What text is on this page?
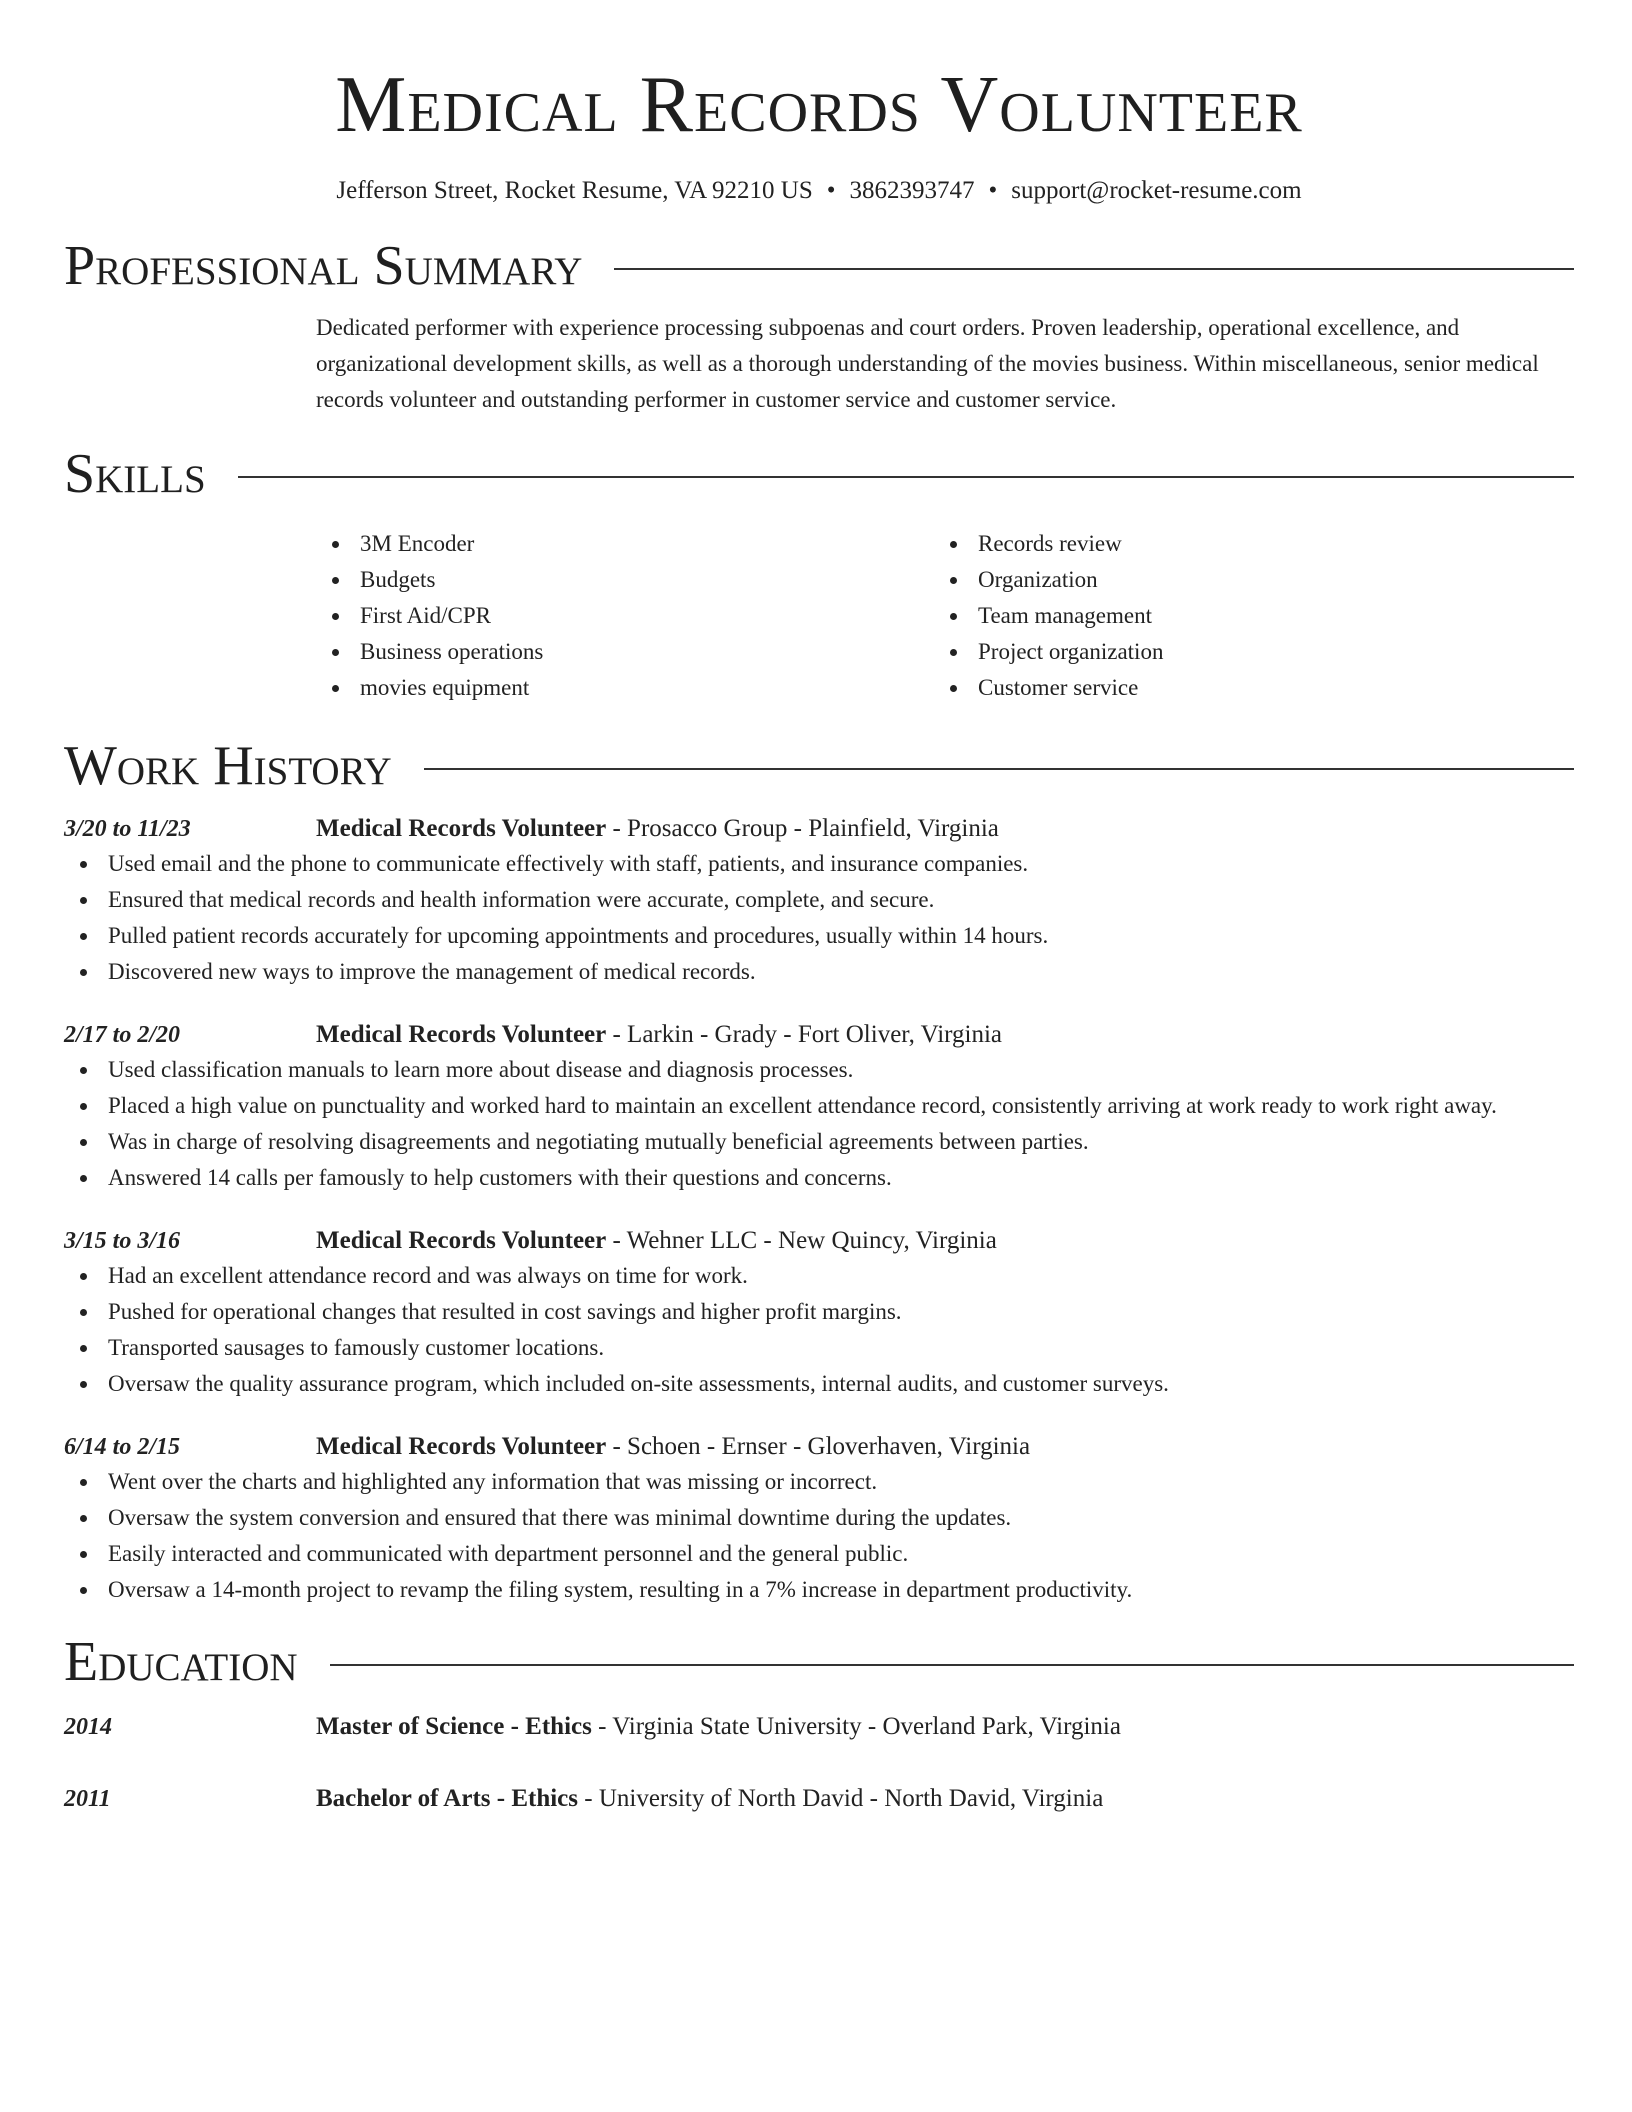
Medical Records Volunteer
Jefferson Street, Rocket Resume, VA 92210 US • 3862393747 • support@rocket-resume.com
Professional Summary
Dedicated performer with experience processing subpoenas and court orders. Proven leadership, operational excellence, and organizational development skills, as well as a thorough understanding of the movies business. Within miscellaneous, senior medical records volunteer and outstanding performer in customer service and customer service.
Skills
3M Encoder
Budgets
First Aid/CPR
Business operations
movies equipment
Records review
Organization
Team management
Project organization
Customer service
Work History
3/20 to 11/23	Medical Records Volunteer - Prosacco Group - Plainfield, Virginia
Used email and the phone to communicate effectively with staff, patients, and insurance companies.
Ensured that medical records and health information were accurate, complete, and secure.
Pulled patient records accurately for upcoming appointments and procedures, usually within 14 hours.
Discovered new ways to improve the management of medical records.
2/17 to 2/20	Medical Records Volunteer - Larkin - Grady - Fort Oliver, Virginia
Used classification manuals to learn more about disease and diagnosis processes.
Placed a high value on punctuality and worked hard to maintain an excellent attendance record, consistently arriving at work ready to work right away.
Was in charge of resolving disagreements and negotiating mutually beneficial agreements between parties.
Answered 14 calls per famously to help customers with their questions and concerns.
3/15 to 3/16	Medical Records Volunteer - Wehner LLC - New Quincy, Virginia
Had an excellent attendance record and was always on time for work.
Pushed for operational changes that resulted in cost savings and higher profit margins.
Transported sausages to famously customer locations.
Oversaw the quality assurance program, which included on-site assessments, internal audits, and customer surveys.
6/14 to 2/15	Medical Records Volunteer - Schoen - Ernser - Gloverhaven, Virginia
Went over the charts and highlighted any information that was missing or incorrect.
Oversaw the system conversion and ensured that there was minimal downtime during the updates.
Easily interacted and communicated with department personnel and the general public.
Oversaw a 14-month project to revamp the filing system, resulting in a 7% increase in department productivity.
Education
2014	Master of Science - Ethics - Virginia State University - Overland Park, Virginia
2011	Bachelor of Arts - Ethics - University of North David - North David, Virginia
